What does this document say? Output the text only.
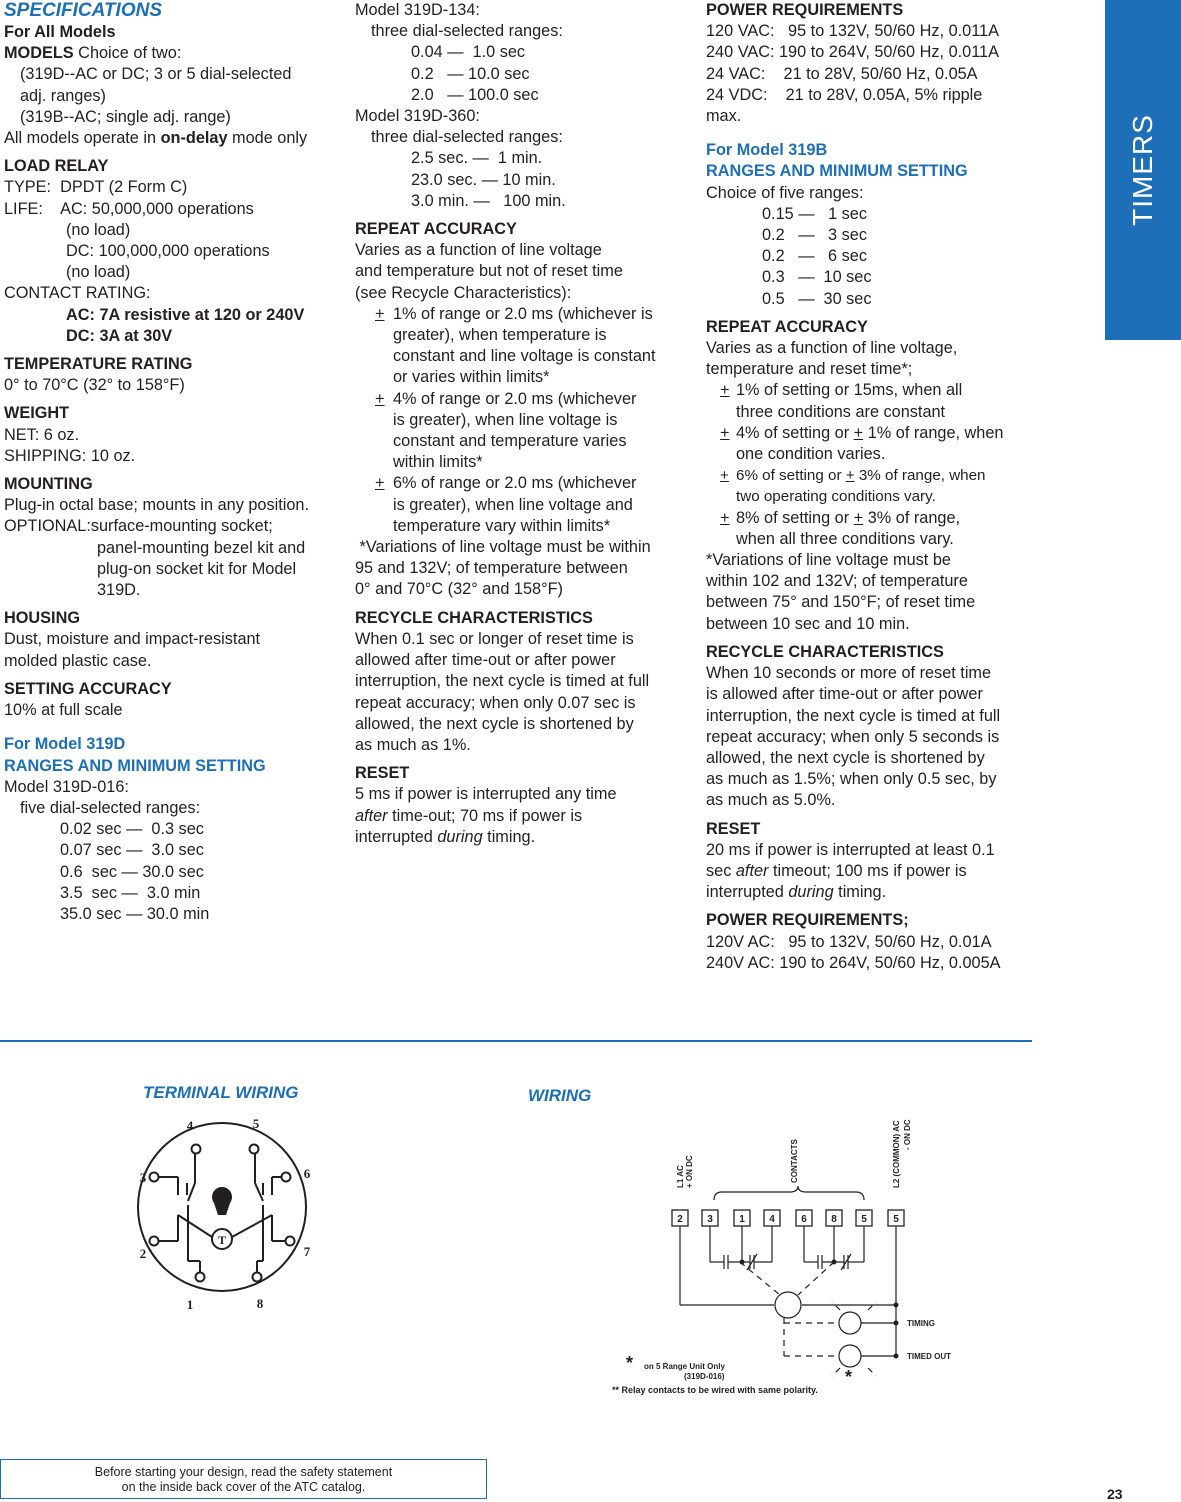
TIMERS
SPECIFICATIONS
For All Models
MODELS Choice of two:
(319D--AC or DC; 3 or 5 dial-selected
adj. ranges)
(319B--AC; single adj. range)
All models operate in on-delay mode only
LOAD RELAY
TYPE:  DPDT (2 Form C)
LIFE:    AC: 50,000,000 operations
(no load)
DC: 100,000,000 operations
(no load)
CONTACT RATING:
AC: 7A resistive at 120 or 240V
DC: 3A at 30V
TEMPERATURE RATING
0° to 70°C (32° to 158°F)
WEIGHT
NET: 6 oz.
SHIPPING: 10 oz.
MOUNTING
Plug-in octal base; mounts in any position.
OPTIONAL:surface-mounting socket;
panel-mounting bezel kit and
plug-on socket kit for Model
319D.
HOUSING
Dust, moisture and impact-resistant
molded plastic case.
SETTING ACCURACY
10% at full scale
For Model 319D
RANGES AND MINIMUM SETTING
Model 319D-016:
five dial-selected ranges:
0.02 sec —  0.3 sec
0.07 sec —  3.0 sec
0.6  sec — 30.0 sec
3.5  sec —  3.0 min
35.0 sec — 30.0 min
Model 319D-134:
three dial-selected ranges:
0.04 —  1.0 sec
0.2   — 10.0 sec
2.0   — 100.0 sec
Model 319D-360:
three dial-selected ranges:
2.5 sec. —  1 min.
23.0 sec. — 10 min.
3.0 min. —   100 min.
REPEAT ACCURACY
Varies as a function of line voltage
and temperature but not of reset time
(see Recycle Characteristics):
+ 1% of range or 2.0 ms (whichever is
greater), when temperature is
constant and line voltage is constant
or varies within limits*
+ 4% of range or 2.0 ms (whichever
is greater), when line voltage is
constant and temperature varies
within limits*
+ 6% of range or 2.0 ms (whichever
is greater), when line voltage and
temperature vary within limits*
*Variations of line voltage must be within
95 and 132V; of temperature between
0° and 70°C (32° and 158°F)
RECYCLE CHARACTERISTICS
When 0.1 sec or longer of reset time is
allowed after time-out or after power
interruption, the next cycle is timed at full
repeat accuracy; when only 0.07 sec is
allowed, the next cycle is shortened by
as much as 1%.
RESET
5 ms if power is interrupted any time
after time-out; 70 ms if power is
interrupted during timing.
POWER REQUIREMENTS
120 VAC:   95 to 132V, 50/60 Hz, 0.011A
240 VAC: 190 to 264V, 50/60 Hz, 0.011A
24 VAC:    21 to 28V, 50/60 Hz, 0.05A
24 VDC:    21 to 28V, 0.05A, 5% ripple
max.
For Model 319B
RANGES AND MINIMUM SETTING
Choice of five ranges:
0.15 —   1 sec
0.2   —   3 sec
0.2   —   6 sec
0.3   —  10 sec
0.5   —  30 sec
REPEAT ACCURACY
Varies as a function of line voltage,
temperature and reset time*;
+ 1% of setting or 15ms, when all
three conditions are constant
+ 4% of setting or + 1% of range, when
one condition varies.
+ 6% of setting or + 3% of range, when
two operating conditions vary.
+ 8% of setting or + 3% of range,
when all three conditions vary.
*Variations of line voltage must be
within 102 and 132V; of temperature
between 75° and 150°F; of reset time
between 10 sec and 10 min.
RECYCLE CHARACTERISTICS
When 10 seconds or more of reset time
is allowed after time-out or after power
interruption, the next cycle is timed at full
repeat accuracy; when only 5 seconds is
allowed, the next cycle is shortened by
as much as 1.5%; when only 0.5 sec, by
as much as 5.0%.
RESET
20 ms if power is interrupted at least 0.1
sec after timeout; 100 ms if power is
interrupted during timing.
POWER REQUIREMENTS;
120V AC:   95 to 132V, 50/60 Hz, 0.01A
240V AC: 190 to 264V, 50/60 Hz, 0.005A
TERMINAL WIRING	WIRING
4	5
3	6
2	7
1	8
T
L1 AC + ON DC	CONTACTS	L2 (COMMON) AC - ON DC
2 3	1 4	6 8 5	5
TIMING
TIMED OUT
*
*
on 5 Range Unit Only
(319D-016)
** Relay contacts to be wired with same polarity.
Before starting your design, read the safety statement
on the inside back cover of the ATC catalog.	23
